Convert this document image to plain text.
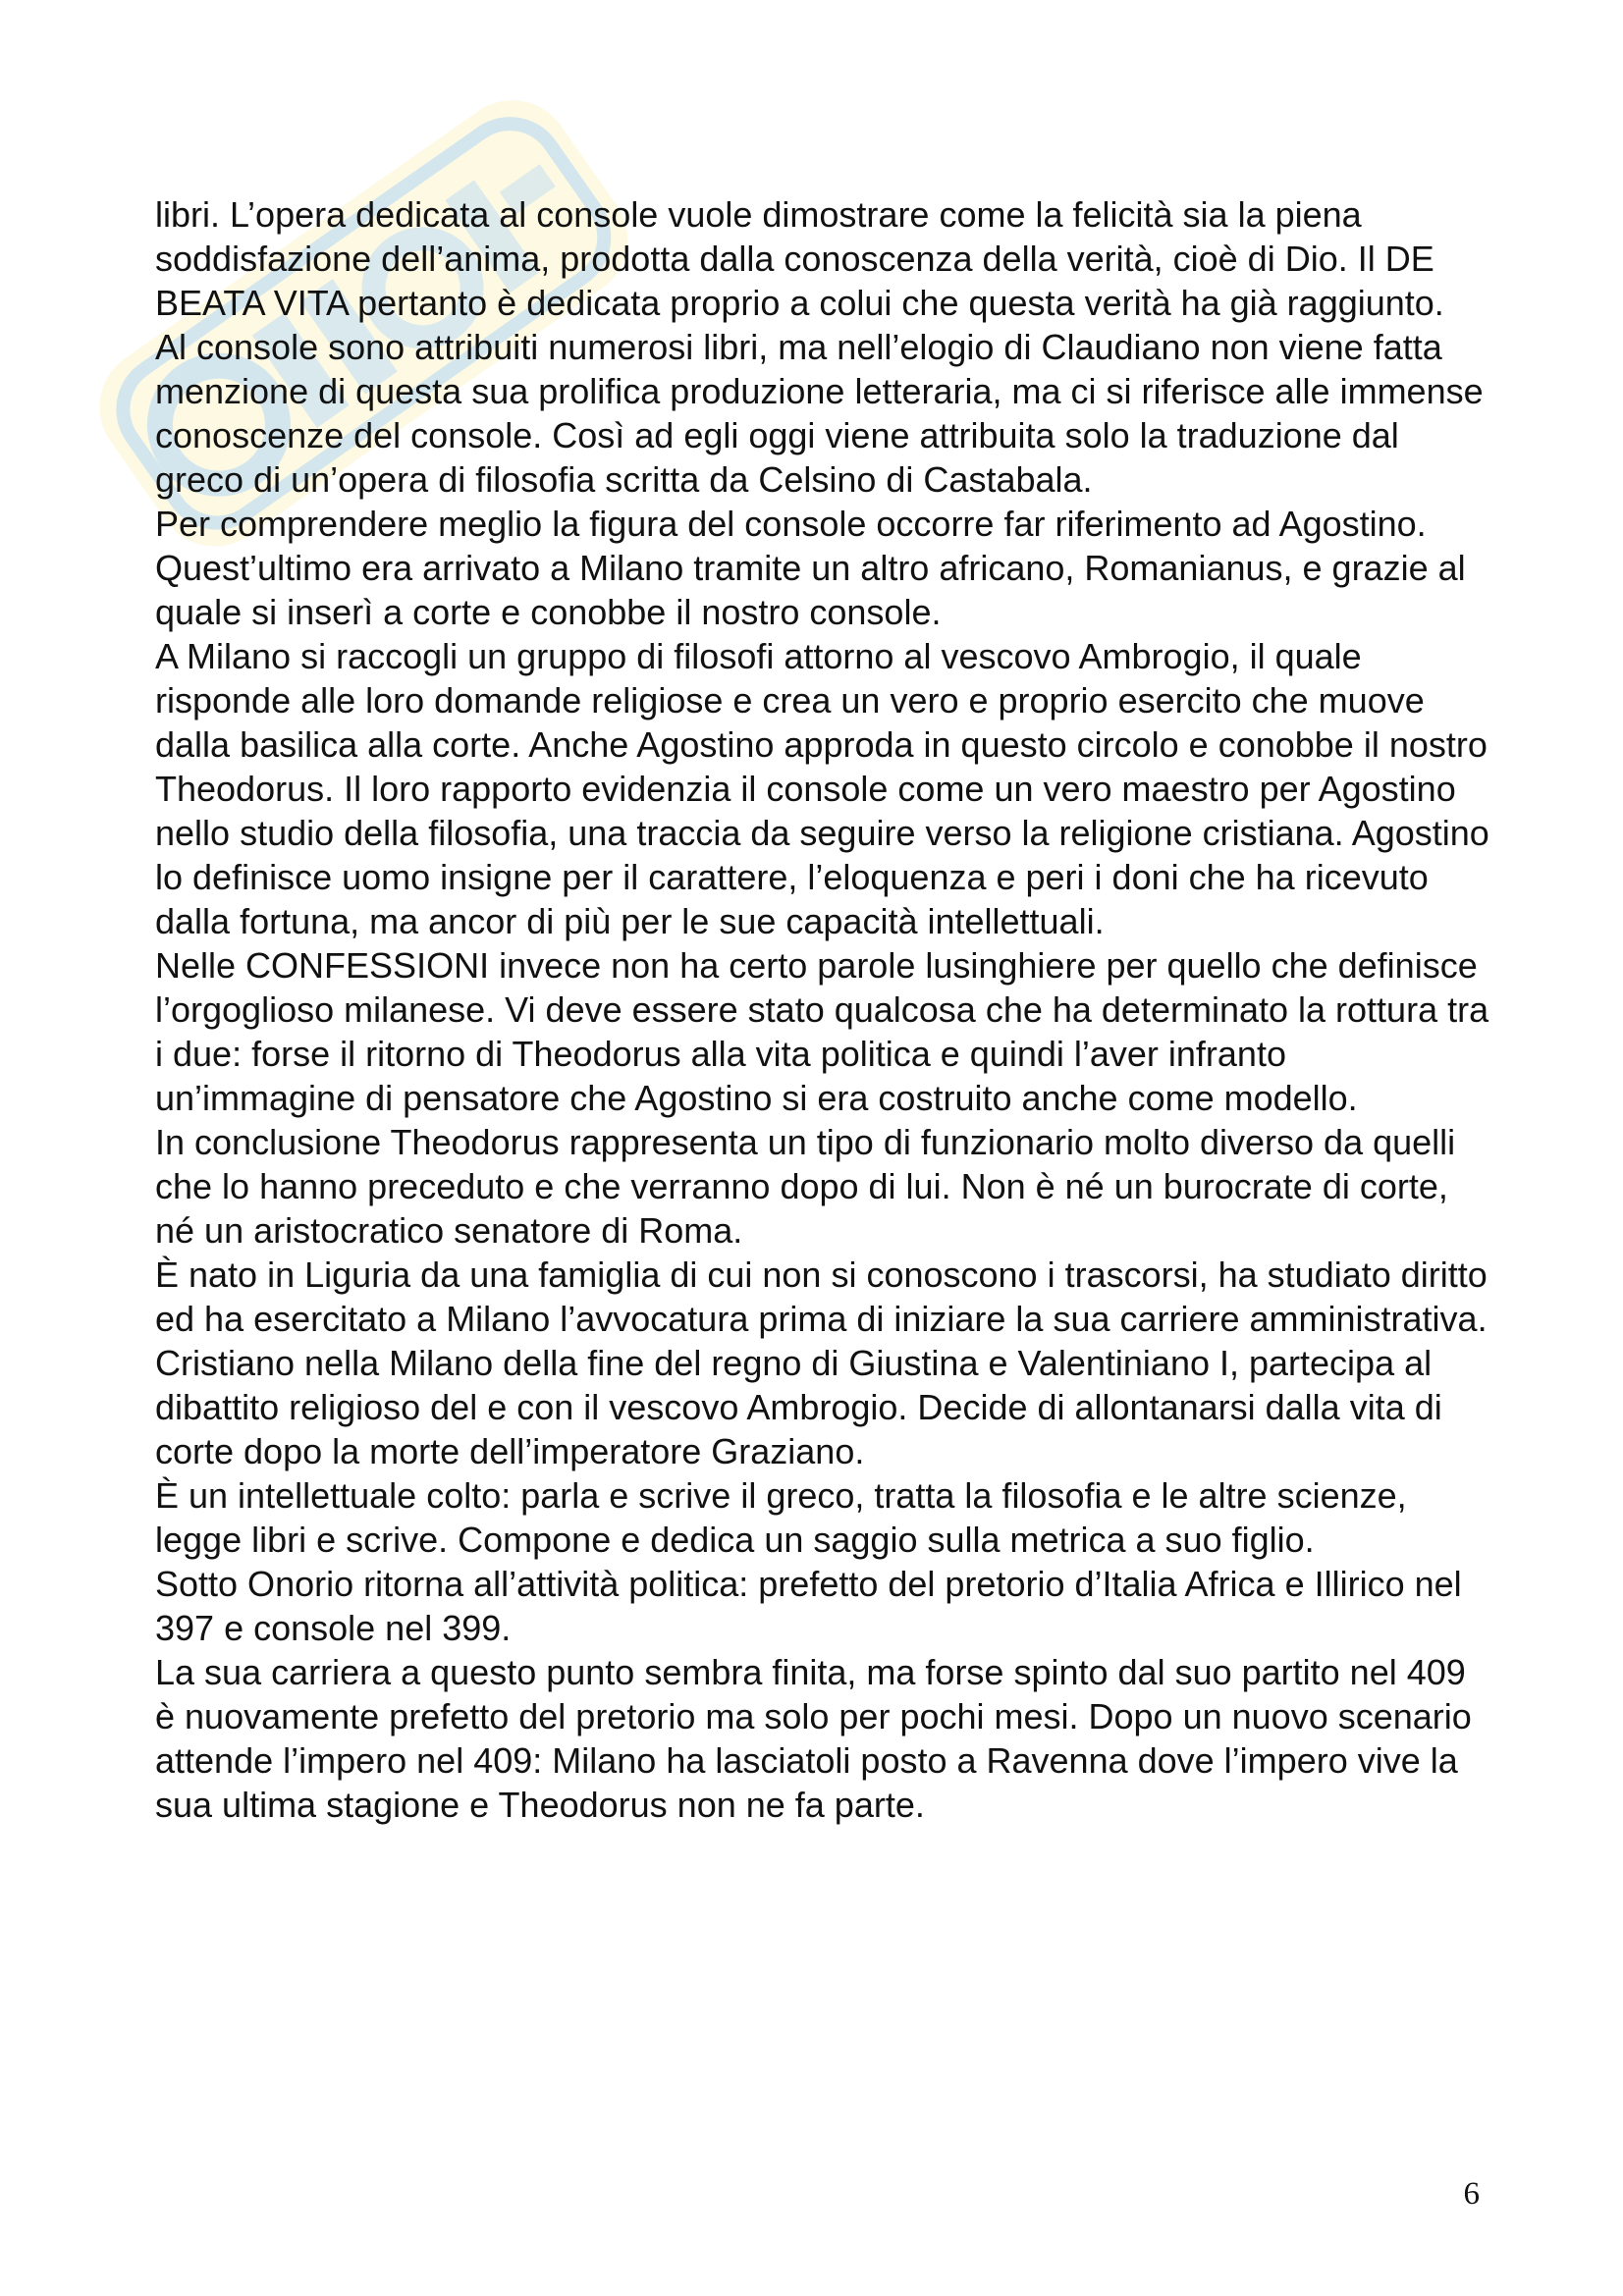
libri. L’opera dedicata al console vuole dimostrare come la felicità sia la piena soddisfazione dell’anima, prodotta dalla conoscenza della verità, cioè di Dio. Il DE BEATA VITA pertanto è dedicata proprio a colui che questa verità ha già raggiunto.

Al console sono attribuiti numerosi libri, ma nell’elogio di Claudiano non viene fatta menzione di questa sua prolifica produzione letteraria, ma ci si riferisce alle immense conoscenze del console. Così ad egli oggi viene attribuita solo la traduzione dal greco di un’opera di filosofia scritta da Celsino di Castabala.

Per comprendere meglio la figura del console occorre far riferimento ad Agostino. Quest’ultimo era arrivato a Milano tramite un altro africano, Romanianus, e grazie al quale si inserì a corte e conobbe il nostro console.

A Milano si raccogli un gruppo di filosofi attorno al vescovo Ambrogio, il quale risponde alle loro domande religiose e crea un vero e proprio esercito che muove dalla basilica alla corte. Anche Agostino approda in questo circolo e conobbe il nostro Theodorus. Il loro rapporto evidenzia il console come un vero maestro per Agostino nello studio della filosofia, una traccia da seguire verso la religione cristiana. Agostino lo definisce uomo insigne per il carattere, l’eloquenza e peri i doni che ha ricevuto dalla fortuna, ma ancor di più per le sue capacità intellettuali.

Nelle CONFESSIONI invece non ha certo parole lusinghiere per quello che definisce l’orgoglioso milanese. Vi deve essere stato qualcosa che ha determinato la rottura tra i due: forse il ritorno di Theodorus alla vita politica e quindi l’aver infranto un’immagine di pensatore che Agostino si era costruito anche come modello.

In conclusione Theodorus rappresenta un tipo di funzionario molto diverso da quelli che lo hanno preceduto e che verranno dopo di lui. Non è né un burocrate di corte, né un aristocratico senatore di Roma.

È nato in Liguria da una famiglia di cui non si conoscono i trascorsi, ha studiato diritto ed ha esercitato a Milano l’avvocatura prima di iniziare la sua carriere amministrativa. Cristiano nella Milano della fine del regno di Giustina e Valentiniano I, partecipa al dibattito religioso del e con il vescovo Ambrogio. Decide di allontanarsi dalla vita di corte dopo la morte dell’imperatore Graziano.

È un intellettuale colto: parla e scrive il greco, tratta la filosofia e le altre scienze, legge libri e scrive. Compone e dedica un saggio sulla metrica a suo figlio.

Sotto Onorio ritorna all’attività politica: prefetto del pretorio d’Italia Africa e Illirico nel 397 e console nel 399.

La sua carriera a questo punto sembra finita, ma forse spinto dal suo partito nel 409 è nuovamente prefetto del pretorio ma solo per pochi mesi. Dopo un nuovo scenario attende l’impero nel 409: Milano ha lasciatoli posto a Ravenna dove l’impero vive la sua ultima stagione e Theodorus non ne fa parte.

6
